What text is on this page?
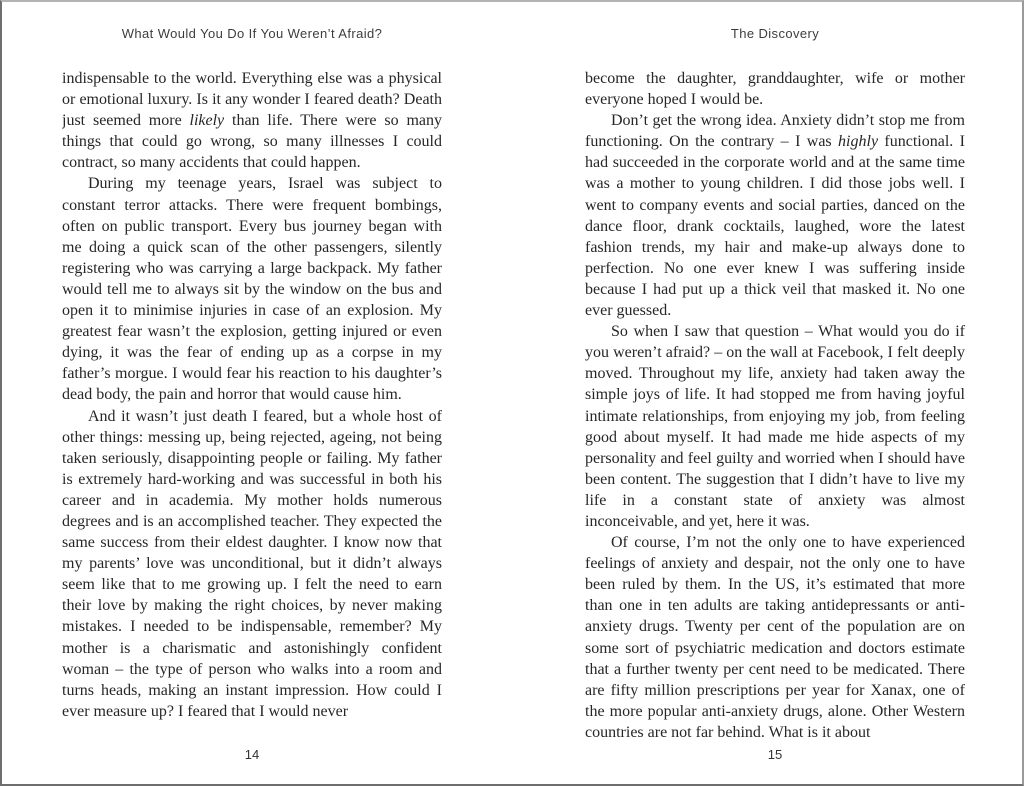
What Would You Do If You Weren’t Afraid?

indispensable to the world. Everything else was a physical or emotional luxury. Is it any wonder I feared death? Death just seemed more likely than life. There were so many things that could go wrong, so many illnesses I could contract, so many accidents that could happen.

During my teenage years, Israel was subject to constant terror attacks. There were frequent bombings, often on public transport. Every bus journey began with me doing a quick scan of the other passengers, silently registering who was carrying a large backpack. My father would tell me to always sit by the window on the bus and open it to minimise injuries in case of an explosion. My greatest fear wasn’t the explosion, getting injured or even dying, it was the fear of ending up as a corpse in my father’s morgue. I would fear his reaction to his daughter’s dead body, the pain and horror that would cause him.

And it wasn’t just death I feared, but a whole host of other things: messing up, being rejected, ageing, not being taken seriously, disappointing people or failing. My father is extremely hard-working and was successful in both his career and in academia. My mother holds numerous degrees and is an accomplished teacher. They expected the same success from their eldest daughter. I know now that my parents’ love was unconditional, but it didn’t always seem like that to me growing up. I felt the need to earn their love by making the right choices, by never making mistakes. I needed to be indispensable, remember? My mother is a charismatic and astonishingly confident woman – the type of person who walks into a room and turns heads, making an instant impression. How could I ever measure up? I feared that I would never

14
The Discovery

become the daughter, granddaughter, wife or mother everyone hoped I would be.

Don’t get the wrong idea. Anxiety didn’t stop me from functioning. On the contrary – I was highly functional. I had succeeded in the corporate world and at the same time was a mother to young children. I did those jobs well. I went to company events and social parties, danced on the dance floor, drank cocktails, laughed, wore the latest fashion trends, my hair and make-up always done to perfection. No one ever knew I was suffering inside because I had put up a thick veil that masked it. No one ever guessed.

So when I saw that question – What would you do if you weren’t afraid? – on the wall at Facebook, I felt deeply moved. Throughout my life, anxiety had taken away the simple joys of life. It had stopped me from having joyful intimate relationships, from enjoying my job, from feeling good about myself. It had made me hide aspects of my personality and feel guilty and worried when I should have been content. The suggestion that I didn’t have to live my life in a constant state of anxiety was almost inconceivable, and yet, here it was.

Of course, I’m not the only one to have experienced feelings of anxiety and despair, not the only one to have been ruled by them. In the US, it’s estimated that more than one in ten adults are taking antidepressants or anti-anxiety drugs. Twenty per cent of the population are on some sort of psychiatric medication and doctors estimate that a further twenty per cent need to be medicated. There are fifty million prescriptions per year for Xanax, one of the more popular anti-anxiety drugs, alone. Other Western countries are not far behind. What is it about

15
